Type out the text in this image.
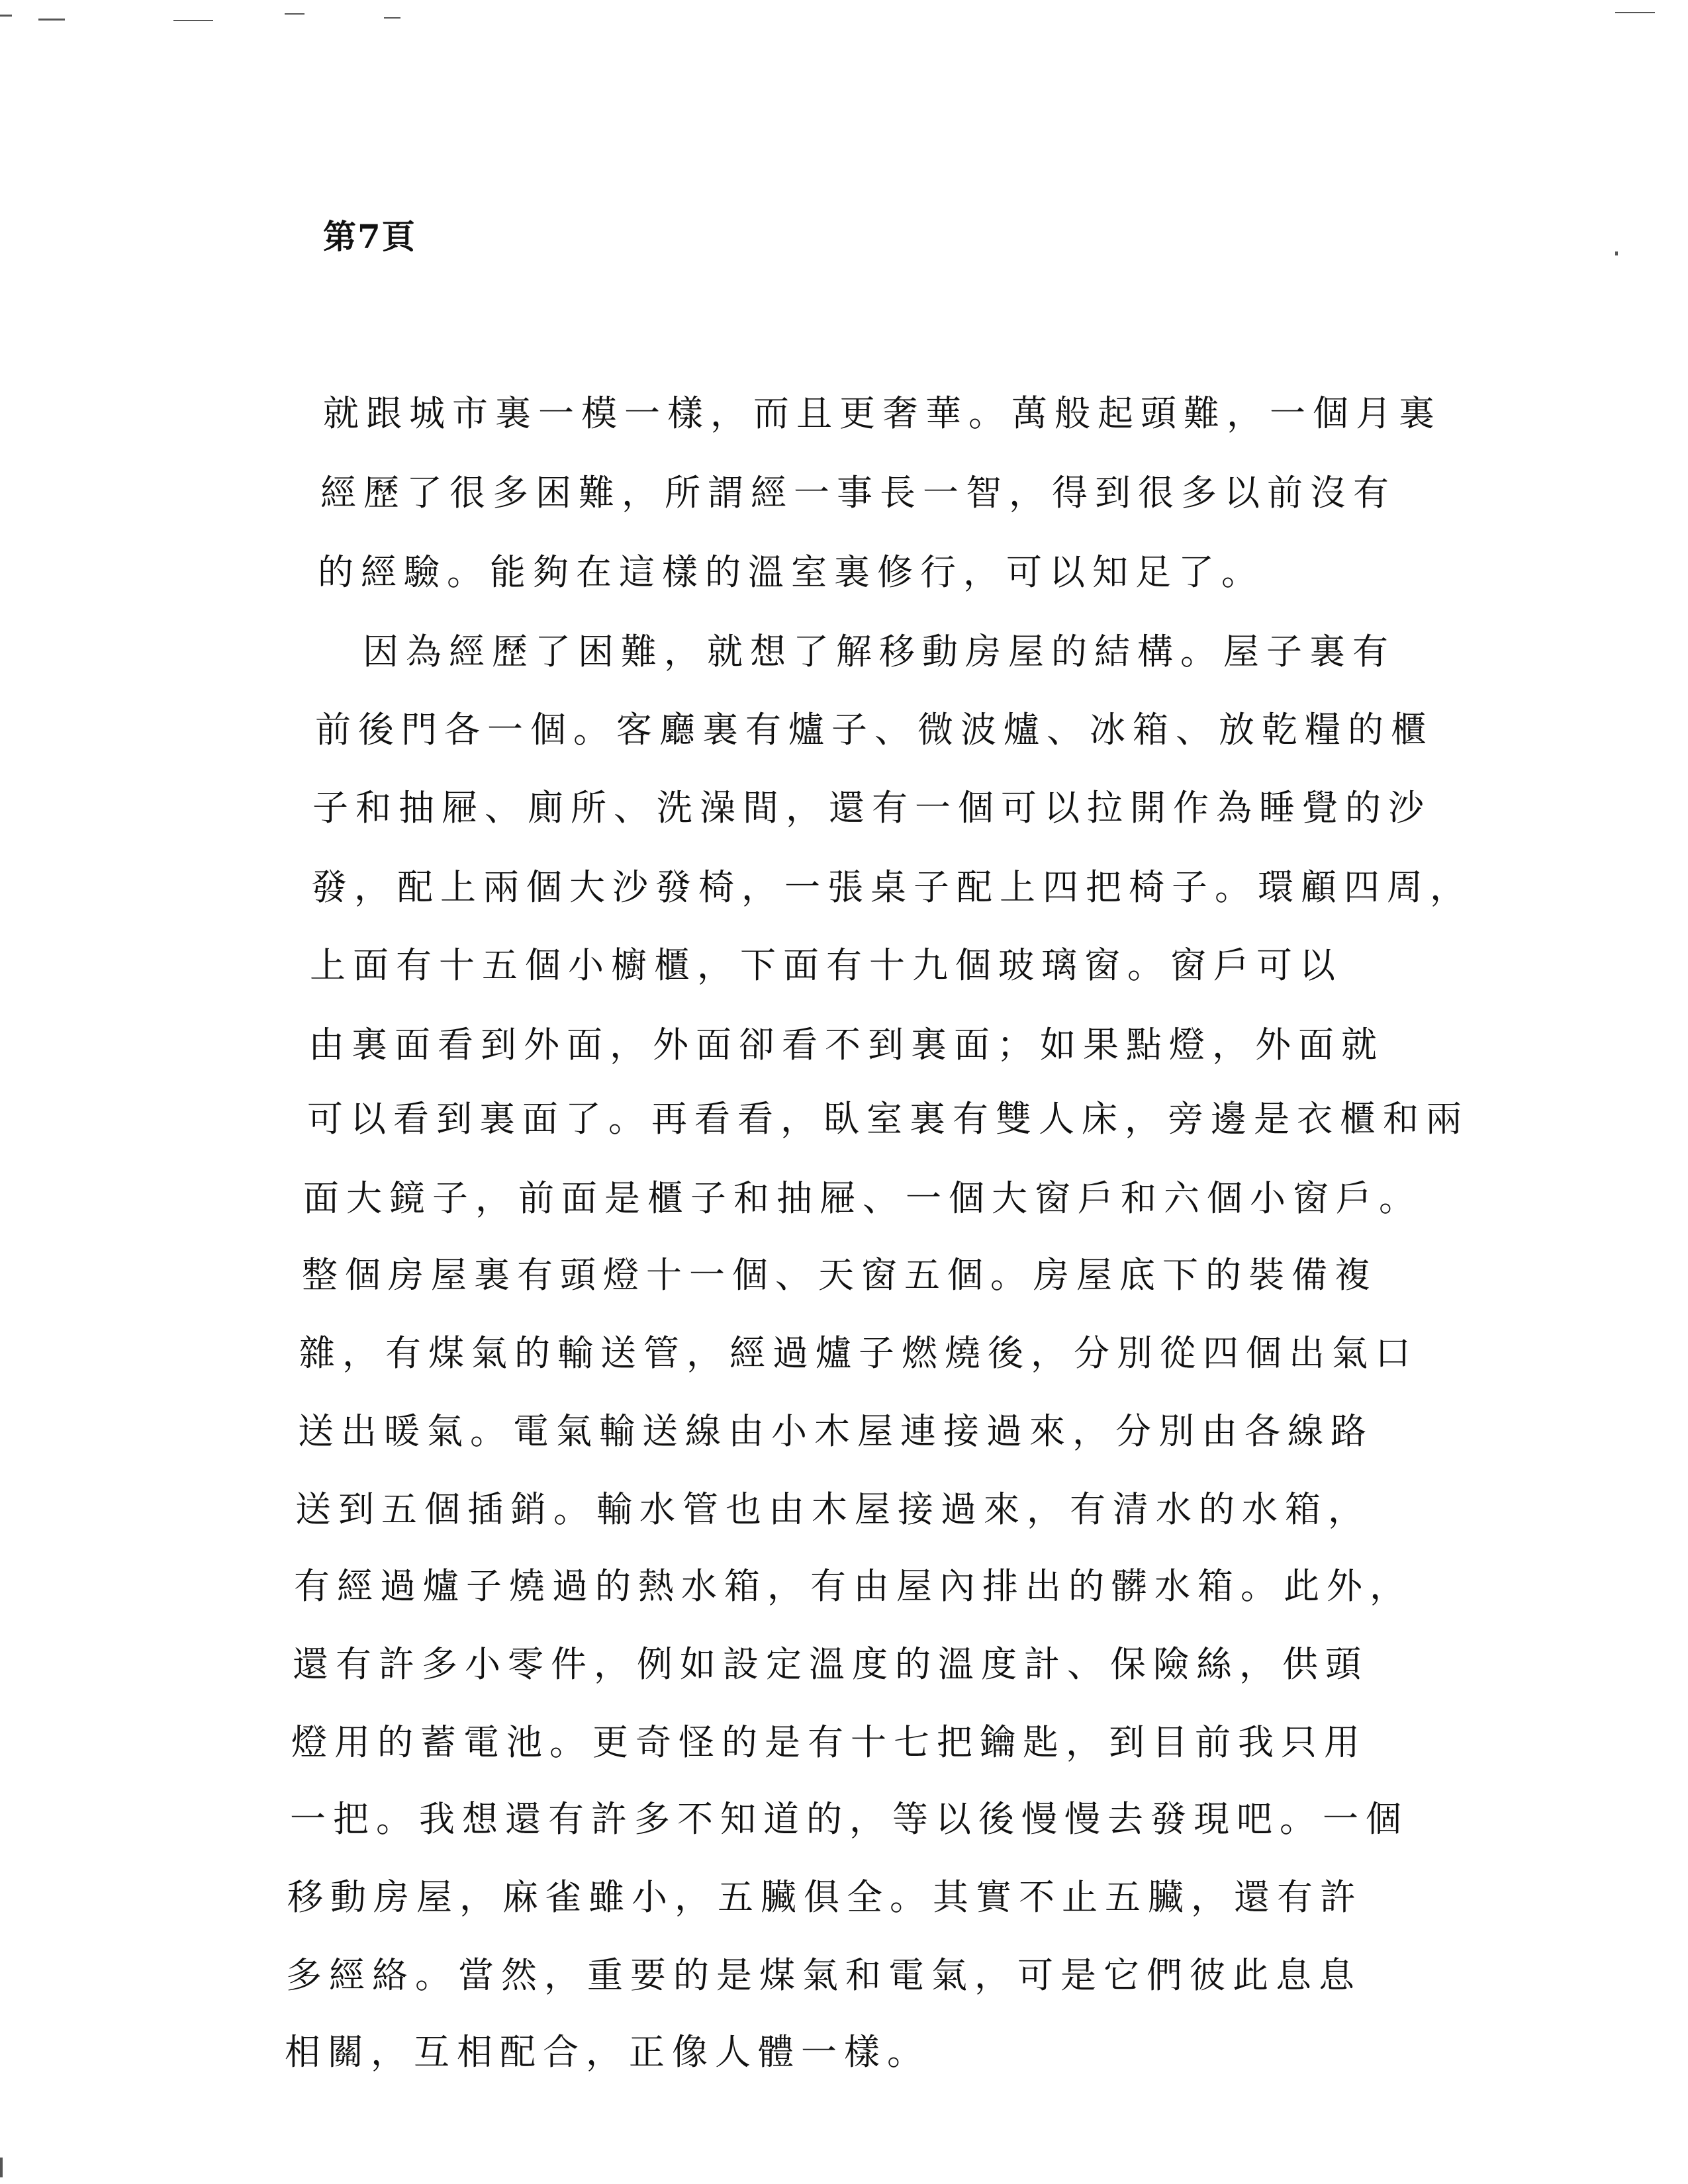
第7頁
就跟城市裏一模一樣，而且更奢華。萬般起頭難，一個月裏
經歷了很多困難，所謂經一事長一智，得到很多以前沒有
的經驗。能夠在這樣的溫室裏修行，可以知足了。
因為經歷了困難，就想了解移動房屋的結構。屋子裏有
前後門各一個。客廳裏有爐子、微波爐、冰箱、放乾糧的櫃
子和抽屜、廁所、洗澡間，還有一個可以拉開作為睡覺的沙
發，配上兩個大沙發椅，一張桌子配上四把椅子。環顧四周，
上面有十五個小櫥櫃，下面有十九個玻璃窗。窗戶可以
由裏面看到外面，外面卻看不到裏面；如果點燈，外面就
可以看到裏面了。再看看，臥室裏有雙人床，旁邊是衣櫃和兩
面大鏡子，前面是櫃子和抽屜、一個大窗戶和六個小窗戶。
整個房屋裏有頭燈十一個、天窗五個。房屋底下的裝備複
雜，有煤氣的輸送管，經過爐子燃燒後，分別從四個出氣口
送出暖氣。電氣輸送線由小木屋連接過來，分別由各線路
送到五個插銷。輸水管也由木屋接過來，有清水的水箱，
有經過爐子燒過的熱水箱，有由屋內排出的髒水箱。此外，
還有許多小零件，例如設定溫度的溫度計、保險絲，供頭
燈用的蓄電池。更奇怪的是有十七把鑰匙，到目前我只用
一把。我想還有許多不知道的，等以後慢慢去發現吧。一個
移動房屋，麻雀雖小，五臟俱全。其實不止五臟，還有許
多經絡。當然，重要的是煤氣和電氣，可是它們彼此息息
相關，互相配合，正像人體一樣。
